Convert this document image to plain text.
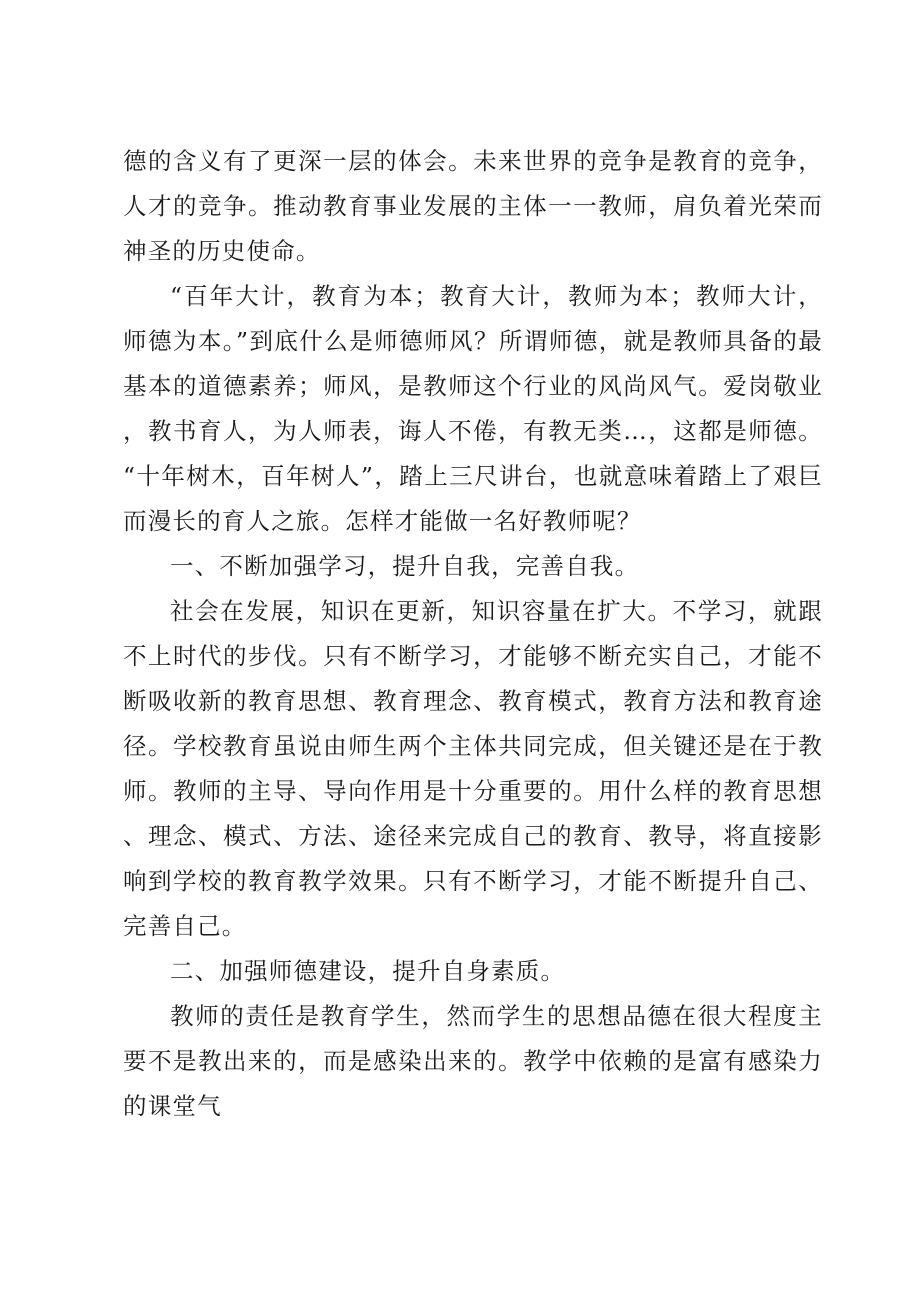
德的含义有了更深一层的体会。未来世界的竞争是教育的竞争，人才的竞争。推动教育事业发展的主体一一教师，肩负着光荣而神圣的历史使命。

“百年大计，教育为本；教育大计，教师为本；教师大计，师德为本。”到底什么是师德师风？所谓师德，就是教师具备的最基本的道德素养；师风，是教师这个行业的风尚风气。爱岗敬业，教书育人，为人师表，诲人不倦，有教无类…，这都是师德。“十年树木，百年树人”，踏上三尺讲台，也就意味着踏上了艰巨而漫长的育人之旅。怎样才能做一名好教师呢？

一、不断加强学习，提升自我，完善自我。

社会在发展，知识在更新，知识容量在扩大。不学习，就跟不上时代的步伐。只有不断学习，才能够不断充实自己，才能不断吸收新的教育思想、教育理念、教育模式，教育方法和教育途径。学校教育虽说由师生两个主体共同完成，但关键还是在于教师。教师的主导、导向作用是十分重要的。用什么样的教育思想、理念、模式、方法、途径来完成自己的教育、教导，将直接影响到学校的教育教学效果。只有不断学习，才能不断提升自己、完善自己。

二、加强师德建设，提升自身素质。

教师的责任是教育学生，然而学生的思想品德在很大程度主要不是教出来的，而是感染出来的。教学中依赖的是富有感染力的课堂气
